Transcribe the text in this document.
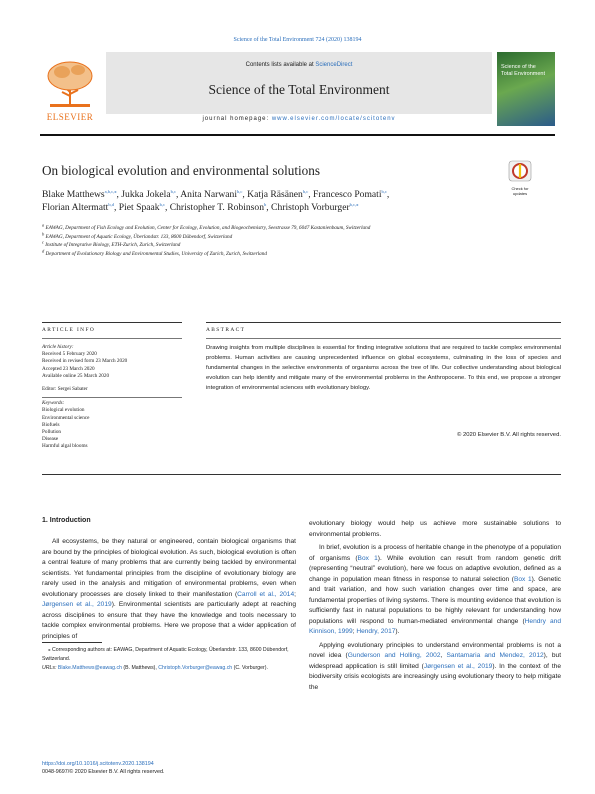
Science of the Total Environment 724 (2020) 138194
ELSEVIER
Contents lists available at ScienceDirect
Science of the Total Environment
journal homepage: www.elsevier.com/locate/scitotenv
Science of the
Total Environment
On biological evolution and environmental solutions
Check for
updates
Blake Matthews$^{a,b,c,⁎}$, Jukka Jokela$^{b,c}$, Anita Narwani$^{b,c}$, Katja Räsänen$^{b,c}$, Francesco Pomati$^{b,c}$,
Florian Altermatt$^{b,d}$, Piet Spaak$^{b,c}$, Christopher T. Robinson$^b$, Christoph Vorburger$^{b,c,⁎}$
$^a$ EAWAG, Department of Fish Ecology and Evolution, Center for Ecology, Evolution, and Biogeochemistry, Seestrasse 79, 6047 Kastanienbaum, Switzerland
$^b$ EAWAG, Department of Aquatic Ecology, Überlandstr. 133, 8600 Dübendorf, Switzerland
$^c$ Institute of Integrative Biology, ETH-Zurich, Zurich, Switzerland
$^d$ Department of Evolutionary Biology and Environmental Studies, University of Zurich, Zurich, Switzerland
ARTICLE INFO
Article history:
Received 5 February 2020
Received in revised form 23 March 2020
Accepted 23 March 2020
Available online 25 March 2020
Editor: Sergei Sabater
Keywords:
Biological evolution
Environmental science
Biofuels
Pollution
Disease
Harmful algal blooms
ABSTRACT
Drawing insights from multiple disciplines is essential for finding integrative solutions that are required to tackle complex environmental problems. Human activities are causing unprecedented influence on global ecosystems, culminating in the loss of species and fundamental changes in the selective environments of organisms across the tree of life. Our collective understanding about biological evolution can help identify and mitigate many of the environmental problems in the Anthropocene. To this end, we propose a stronger integration of environmental sciences with evolutionary biology.
© 2020 Elsevier B.V. All rights reserved.
1. Introduction

All ecosystems, be they natural or engineered, contain biological organisms that are bound by the principles of biological evolution. As such, biological evolution is often a central feature of many problems that are currently being tackled by environmental scientists. Yet fundamental principles from the discipline of evolutionary biology are rarely used in the analysis and mitigation of environmental problems, even when evolutionary processes are closely linked to their manifestation (Carroll et al., 2014; Jørgensen et al., 2019). Environmental scientists are particularly adept at reaching across disciplines to ensure that they have the knowledge and tools necessary to tackle complex environmental problems. Here we propose that a wider application of principles of

⁎ Corresponding authors at: EAWAG, Department of Aquatic Ecology, Überlandstr. 133, 8600 Dübendorf, Switzerland.
URLs: Blake.Matthews@eawag.ch (B. Matthews), Christoph.Vorburger@eawag.ch (C. Vorburger).
https://doi.org/10.1016/j.scitotenv.2020.138194
0048-9697/© 2020 Elsevier B.V. All rights reserved.

evolutionary biology would help us achieve more sustainable solutions to environmental problems.

In brief, evolution is a process of heritable change in the phenotype of a population of organisms (Box 1). While evolution can result from random genetic drift (representing “neutral” evolution), here we focus on adaptive evolution, defined as a change in population mean fitness in response to natural selection (Box 1). Genetic and trait variation, and how such variation changes over time and space, are fundamental properties of living systems. There is mounting evidence that evolution is sufficiently fast in natural populations to be highly relevant for understanding how populations will respond to human-mediated environmental change (Hendry and Kinnison, 1999; Hendry, 2017).

Applying evolutionary principles to understand environmental problems is not a novel idea (Gunderson and Holling, 2002, Santamaria and Mendez, 2012), but widespread application is still limited (Jørgensen et al., 2019). In the context of the biodiversity crisis ecologists are increasingly using evolutionary theory to help mitigate the
